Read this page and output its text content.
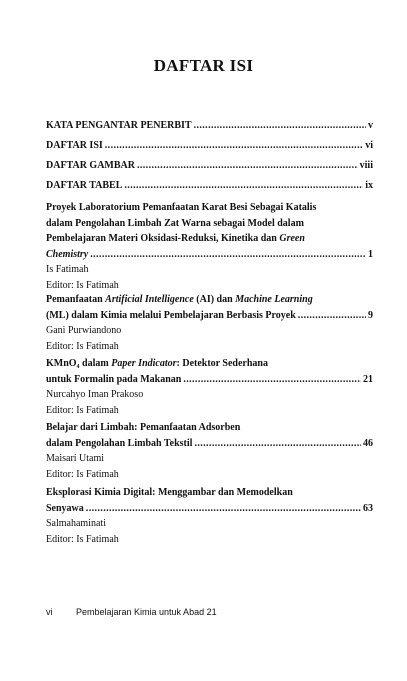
DAFTAR ISI
KATA PENGANTAR PENERBIT .....	v
DAFTAR ISI .....	vi
DAFTAR GAMBAR .....	viii
DAFTAR TABEL .....	ix
Proyek Laboratorium Pemanfaatan Karat Besi Sebagai Katalis
dalam Pengolahan Limbah Zat Warna sebagai Model dalam
Pembelajaran Materi Oksidasi-Reduksi, Kinetika dan Green
Chemistry .....	1
Is Fatimah
Editor: Is Fatimah
Pemanfaatan Artificial Intelligence (AI) dan Machine Learning
(ML) dalam Kimia melalui Pembelajaran Berbasis Proyek .....	9
Gani Purwiandono
Editor: Is Fatimah
KMnO₄ dalam Paper Indicator: Detektor Sederhana
untuk Formalin pada Makanan .....	21
Nurcahyo Iman Prakoso
Editor: Is Fatimah
Belajar dari Limbah: Pemanfaatan Adsorben
dalam Pengolahan Limbah Tekstil .....	46
Maisari Utami
Editor: Is Fatimah
Eksplorasi Kimia Digital: Menggambar dan Memodelkan
Senyawa .....	63
Salmahaminati
Editor: Is Fatimah
vi	Pembelajaran Kimia untuk Abad 21
